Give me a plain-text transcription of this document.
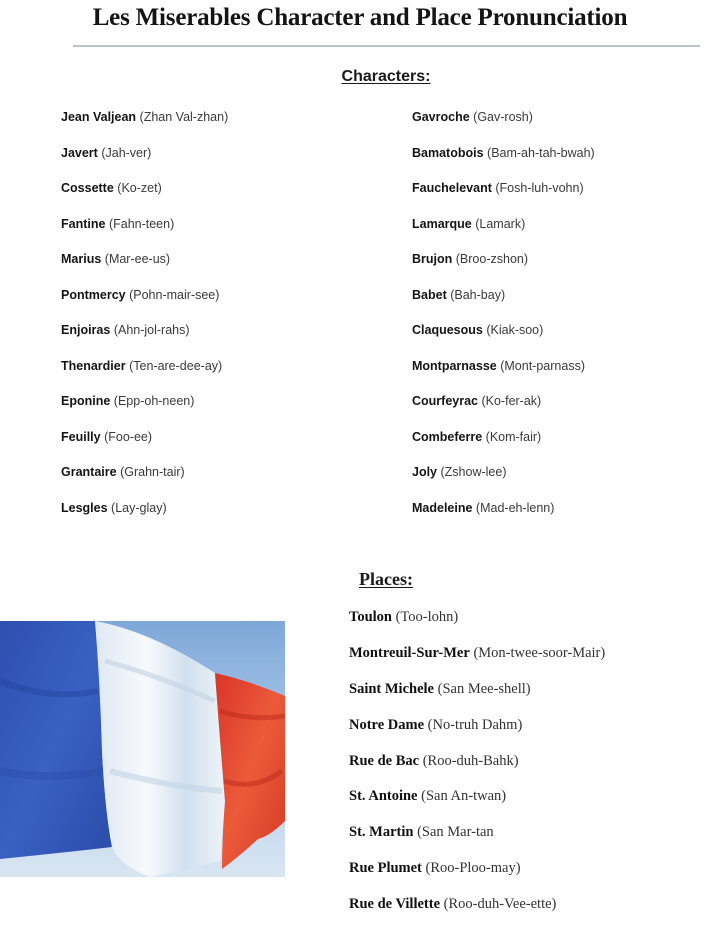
Les Miserables Character and Place Pronunciation
Characters:
Jean Valjean (Zhan Val-zhan)
Javert (Jah-ver)
Cossette (Ko-zet)
Fantine (Fahn-teen)
Marius (Mar-ee-us)
Pontmercy (Pohn-mair-see)
Enjoiras (Ahn-jol-rahs)
Thenardier (Ten-are-dee-ay)
Eponine (Epp-oh-neen)
Feuilly (Foo-ee)
Grantaire (Grahn-tair)
Lesgles (Lay-glay)
Gavroche (Gav-rosh)
Bamatobois (Bam-ah-tah-bwah)
Fauchelevant (Fosh-luh-vohn)
Lamarque (Lamark)
Brujon (Broo-zshon)
Babet (Bah-bay)
Claquesous (Kiak-soo)
Montparnasse (Mont-parnass)
Courfeyrac (Ko-fer-ak)
Combeferre (Kom-fair)
Joly (Zshow-lee)
Madeleine (Mad-eh-lenn)
Places:
Toulon (Too-lohn)
Montreuil-Sur-Mer (Mon-twee-soor-Mair)
Saint Michele (San Mee-shell)
Notre Dame (No-truh Dahm)
Rue de Bac (Roo-duh-Bahk)
St. Antoine (San An-twan)
St. Martin (San Mar-tan
Rue Plumet (Roo-Ploo-may)
Rue de Villette (Roo-duh-Vee-ette)
